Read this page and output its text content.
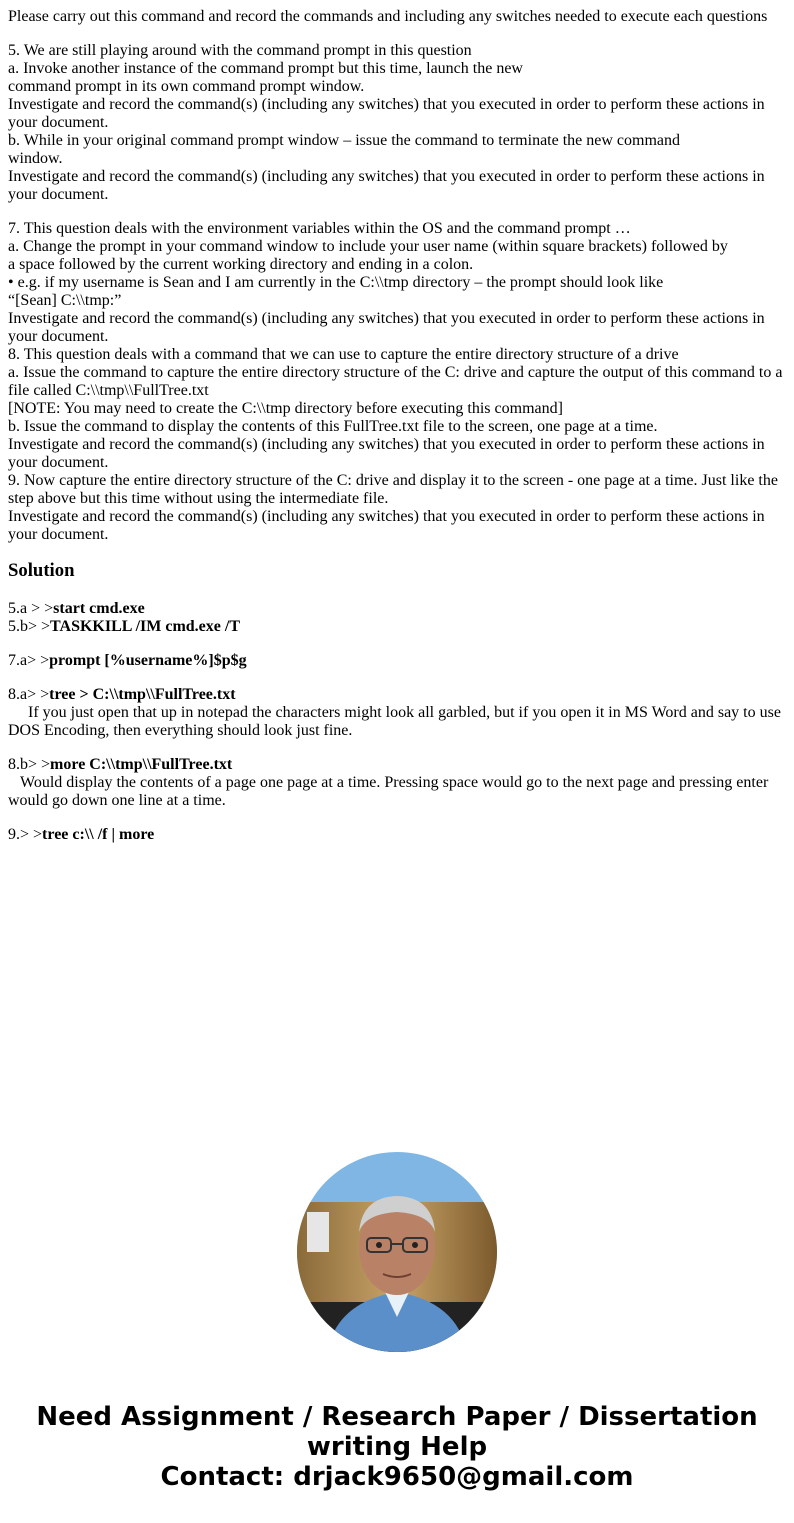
Please carry out this command and record the commands and including any switches needed to execute each questions

5. We are still playing around with the command prompt in this question
a. Invoke another instance of the command prompt but this time, launch the new
command prompt in its own command prompt window.
Investigate and record the command(s) (including any switches) that you executed in order to perform these actions in your document.
b. While in your original command prompt window – issue the command to terminate the new command
window.
Investigate and record the command(s) (including any switches) that you executed in order to perform these actions in your document.

7. This question deals with the environment variables within the OS and the command prompt …
a. Change the prompt in your command window to include your user name (within square brackets) followed by
a space followed by the current working directory and ending in a colon.
• e.g. if my username is Sean and I am currently in the C:\\tmp directory – the prompt should look like
“[Sean] C:\\tmp:”
Investigate and record the command(s) (including any switches) that you executed in order to perform these actions in your document.
8. This question deals with a command that we can use to capture the entire directory structure of a drive
a. Issue the command to capture the entire directory structure of the C: drive and capture the output of this command to a file called C:\\tmp\\FullTree.txt
[NOTE: You may need to create the C:\\tmp directory before executing this command]
b. Issue the command to display the contents of this FullTree.txt file to the screen, one page at a time.
Investigate and record the command(s) (including any switches) that you executed in order to perform these actions in your document.
9. Now capture the entire directory structure of the C: drive and display it to the screen - one page at a time. Just like the step above but this time without using the intermediate file.
Investigate and record the command(s) (including any switches) that you executed in order to perform these actions in your document.

Solution
5.a > >start cmd.exe
5.b> >TASKKILL /IM cmd.exe /T
7.a> >prompt [%username%]$p$g
8.a> >tree > C:\\tmp\\FullTree.txt
If you just open that up in notepad the characters might look all garbled, but if you open it in MS Word and say to use DOS Encoding, then everything should look just fine.
8.b> >more C:\\tmp\\FullTree.txt
Would display the contents of a page one page at a time. Pressing space would go to the next page and pressing enter would go down one line at a time.
9.> >tree c:\\ /f | more
Need Assignment / Research Paper / Dissertation
writing Help
Contact: drjack9650@gmail.com
